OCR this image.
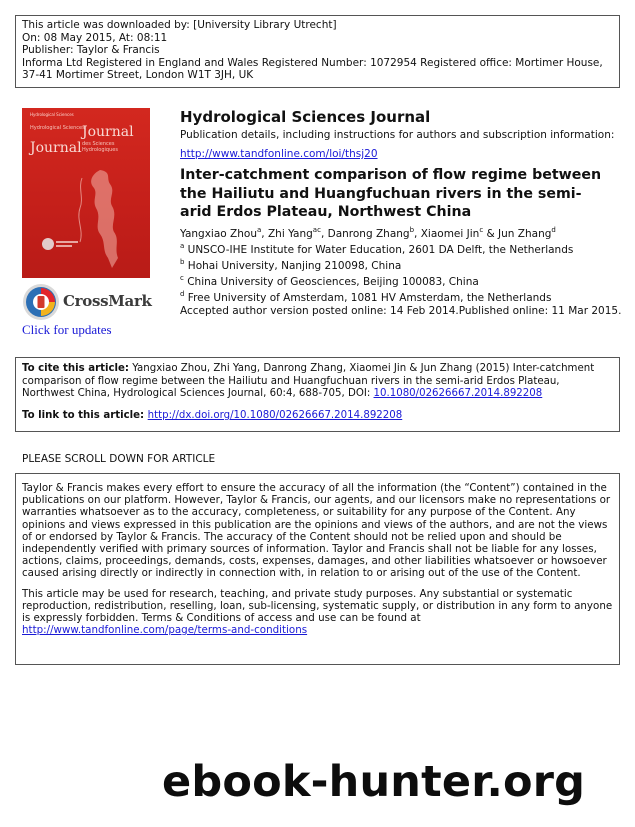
This article was downloaded by: [University Library Utrecht]
On: 08 May 2015, At: 08:11
Publisher: Taylor & Francis
Informa Ltd Registered in England and Wales Registered Number: 1072954 Registered office: Mortimer House,
37-41 Mortimer Street, London W1T 3JH, UK
Hydrological Sciences
Hydrological Sciences
Journal
Journal des Sciences
Hydrologiques
CrossMark
Click for updates
Hydrological Sciences Journal
Publication details, including instructions for authors and subscription information:
http://www.tandfonline.com/loi/thsj20
Inter-catchment comparison of flow regime between the Hailiutu and Huangfuchuan rivers in the semi-arid Erdos Plateau, Northwest China
Yangxiao Zhou$^a$, Zhi Yang$^{ac}$, Danrong Zhang$^b$, Xiaomei Jin$^c$ & Jun Zhang$^d$
$^a$ UNSCO-IHE Institute for Water Education, 2601 DA Delft, the Netherlands
$^b$ Hohai University, Nanjing 210098, China
$^c$ China University of Geosciences, Beijing 100083, China
$^d$ Free University of Amsterdam, 1081 HV Amsterdam, the Netherlands
Accepted author version posted online: 14 Feb 2014.Published online: 11 Mar 2015.
To cite this article: Yangxiao Zhou, Zhi Yang, Danrong Zhang, Xiaomei Jin & Jun Zhang (2015) Inter-catchment comparison of flow regime between the Hailiutu and Huangfuchuan rivers in the semi-arid Erdos Plateau, Northwest China, Hydrological Sciences Journal, 60:4, 688-705, DOI: 10.1080/02626667.2014.892208
To link to this article: http://dx.doi.org/10.1080/02626667.2014.892208
PLEASE SCROLL DOWN FOR ARTICLE

Taylor & Francis makes every effort to ensure the accuracy of all the information (the “Content”) contained in the publications on our platform. However, Taylor & Francis, our agents, and our licensors make no representations or warranties whatsoever as to the accuracy, completeness, or suitability for any purpose of the Content. Any opinions and views expressed in this publication are the opinions and views of the authors, and are not the views of or endorsed by Taylor & Francis. The accuracy of the Content should not be relied upon and should be independently verified with primary sources of information. Taylor and Francis shall not be liable for any losses, actions, claims, proceedings, demands, costs, expenses, damages, and other liabilities whatsoever or howsoever caused arising directly or indirectly in connection with, in relation to or arising out of the use of the Content.

This article may be used for research, teaching, and private study purposes. Any substantial or systematic reproduction, redistribution, reselling, loan, sub-licensing, systematic supply, or distribution in any form to anyone is expressly forbidden. Terms & Conditions of access and use can be found at http://www.tandfonline.com/page/terms-and-conditions

ebook-hunter.org
